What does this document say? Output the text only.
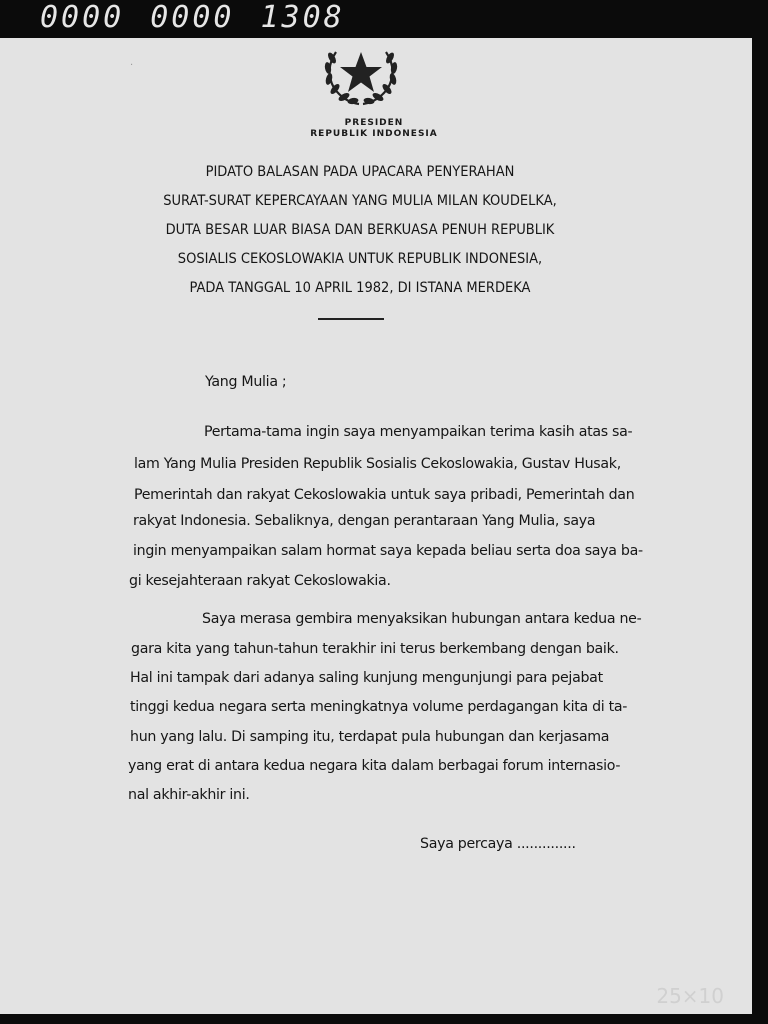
0000 0000 1308
PRESIDEN
REPUBLIK INDONESIA
PIDATO BALASAN PADA UPACARA PENYERAHAN
SURAT-SURAT KEPERCAYAAN YANG MULIA MILAN KOUDELKA,
DUTA BESAR LUAR BIASA DAN BERKUASA PENUH REPUBLIK
SOSIALIS CEKOSLOWAKIA UNTUK REPUBLIK INDONESIA,
PADA TANGGAL 10 APRIL 1982, DI ISTANA MERDEKA
Yang Mulia ;
Pertama-tama ingin saya menyampaikan terima kasih atas sa-
lam Yang Mulia Presiden Republik Sosialis Cekoslowakia, Gustav Husak,
Pemerintah dan rakyat Cekoslowakia untuk saya pribadi, Pemerintah dan
rakyat Indonesia. Sebaliknya, dengan perantaraan Yang Mulia, saya
ingin menyampaikan salam hormat saya kepada beliau serta doa saya ba-
gi kesejahteraan rakyat Cekoslowakia.
Saya merasa gembira menyaksikan hubungan antara kedua ne-
gara kita yang tahun-tahun terakhir ini terus berkembang dengan baik.
Hal ini tampak dari adanya saling kunjung mengunjungi para pejabat
tinggi kedua negara serta meningkatnya volume perdagangan kita di ta-
hun yang lalu. Di samping itu, terdapat pula hubungan dan kerjasama
yang erat di antara kedua negara kita dalam berbagai forum internasio-
nal akhir-akhir ini.
Saya percaya ..............
·
25×10
